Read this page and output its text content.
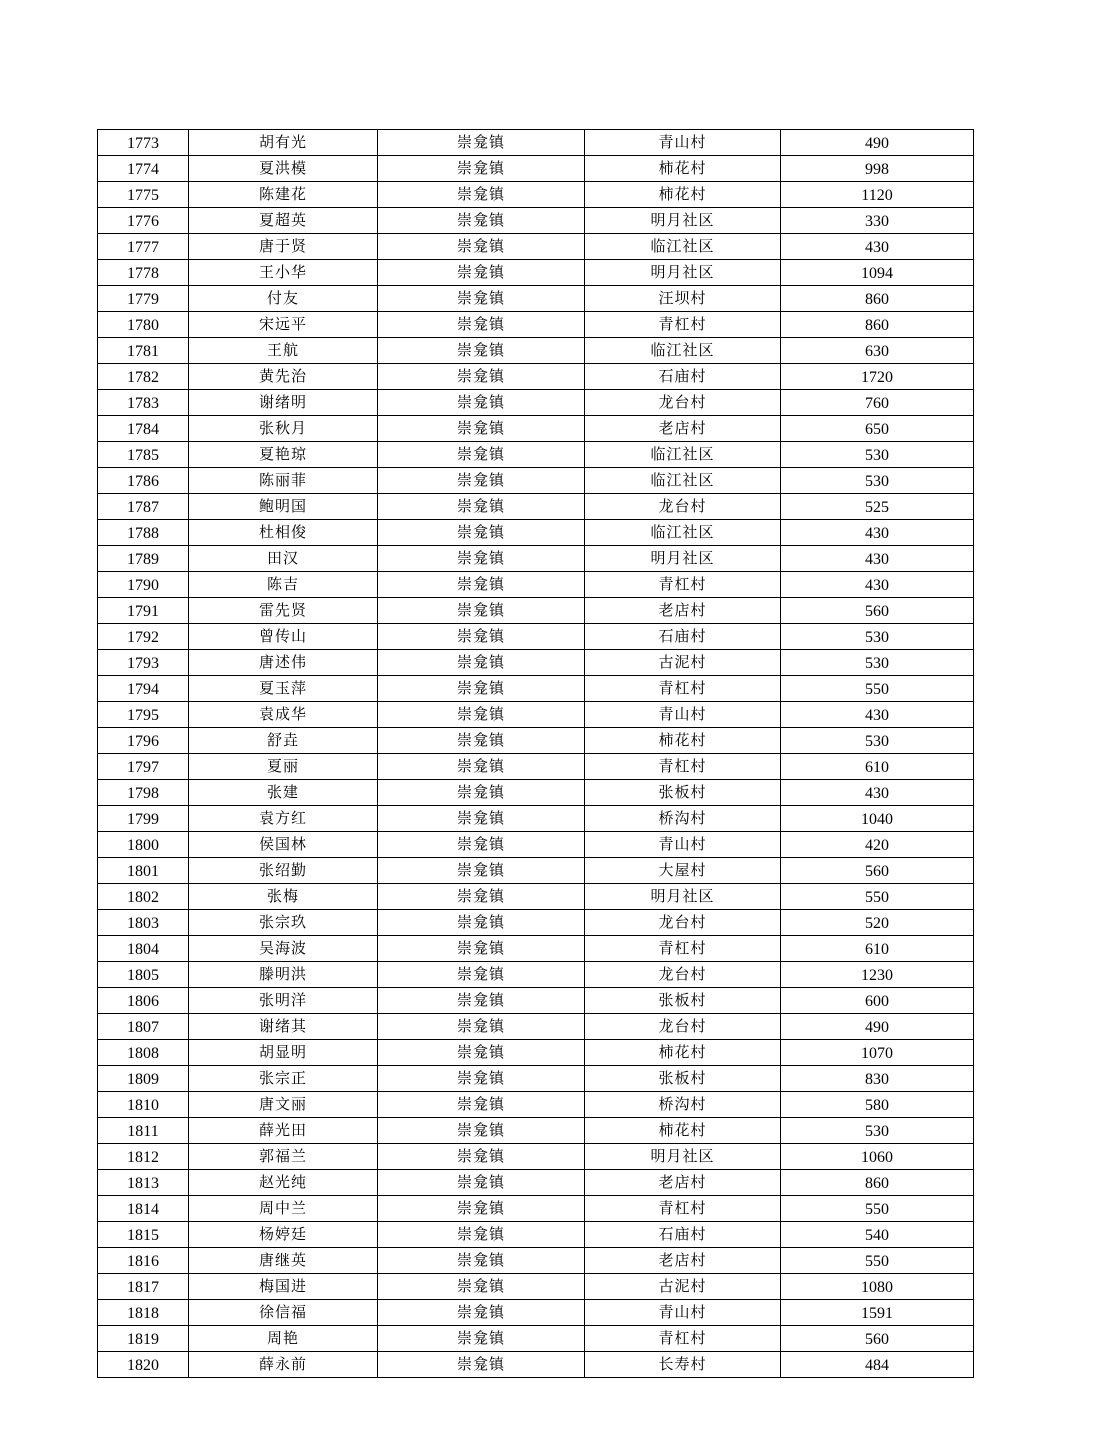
1773	胡有光	崇龛镇	青山村	490
1774	夏洪模	崇龛镇	柿花村	998
1775	陈建花	崇龛镇	柿花村	1120
1776	夏超英	崇龛镇	明月社区	330
1777	唐于贤	崇龛镇	临江社区	430
1778	王小华	崇龛镇	明月社区	1094
1779	付友	崇龛镇	汪坝村	860
1780	宋远平	崇龛镇	青杠村	860
1781	王航	崇龛镇	临江社区	630
1782	黄先治	崇龛镇	石庙村	1720
1783	谢绪明	崇龛镇	龙台村	760
1784	张秋月	崇龛镇	老店村	650
1785	夏艳琼	崇龛镇	临江社区	530
1786	陈丽菲	崇龛镇	临江社区	530
1787	鲍明国	崇龛镇	龙台村	525
1788	杜相俊	崇龛镇	临江社区	430
1789	田汉	崇龛镇	明月社区	430
1790	陈吉	崇龛镇	青杠村	430
1791	雷先贤	崇龛镇	老店村	560
1792	曾传山	崇龛镇	石庙村	530
1793	唐述伟	崇龛镇	古泥村	530
1794	夏玉萍	崇龛镇	青杠村	550
1795	袁成华	崇龛镇	青山村	430
1796	舒垚	崇龛镇	柿花村	530
1797	夏丽	崇龛镇	青杠村	610
1798	张建	崇龛镇	张板村	430
1799	袁方红	崇龛镇	桥沟村	1040
1800	侯国林	崇龛镇	青山村	420
1801	张绍勤	崇龛镇	大屋村	560
1802	张梅	崇龛镇	明月社区	550
1803	张宗玖	崇龛镇	龙台村	520
1804	吴海波	崇龛镇	青杠村	610
1805	滕明洪	崇龛镇	龙台村	1230
1806	张明洋	崇龛镇	张板村	600
1807	谢绪其	崇龛镇	龙台村	490
1808	胡显明	崇龛镇	柿花村	1070
1809	张宗正	崇龛镇	张板村	830
1810	唐文丽	崇龛镇	桥沟村	580
1811	薛光田	崇龛镇	柿花村	530
1812	郭福兰	崇龛镇	明月社区	1060
1813	赵光纯	崇龛镇	老店村	860
1814	周中兰	崇龛镇	青杠村	550
1815	杨婷廷	崇龛镇	石庙村	540
1816	唐继英	崇龛镇	老店村	550
1817	梅国进	崇龛镇	古泥村	1080
1818	徐信福	崇龛镇	青山村	1591
1819	周艳	崇龛镇	青杠村	560
1820	薛永前	崇龛镇	长寿村	484
